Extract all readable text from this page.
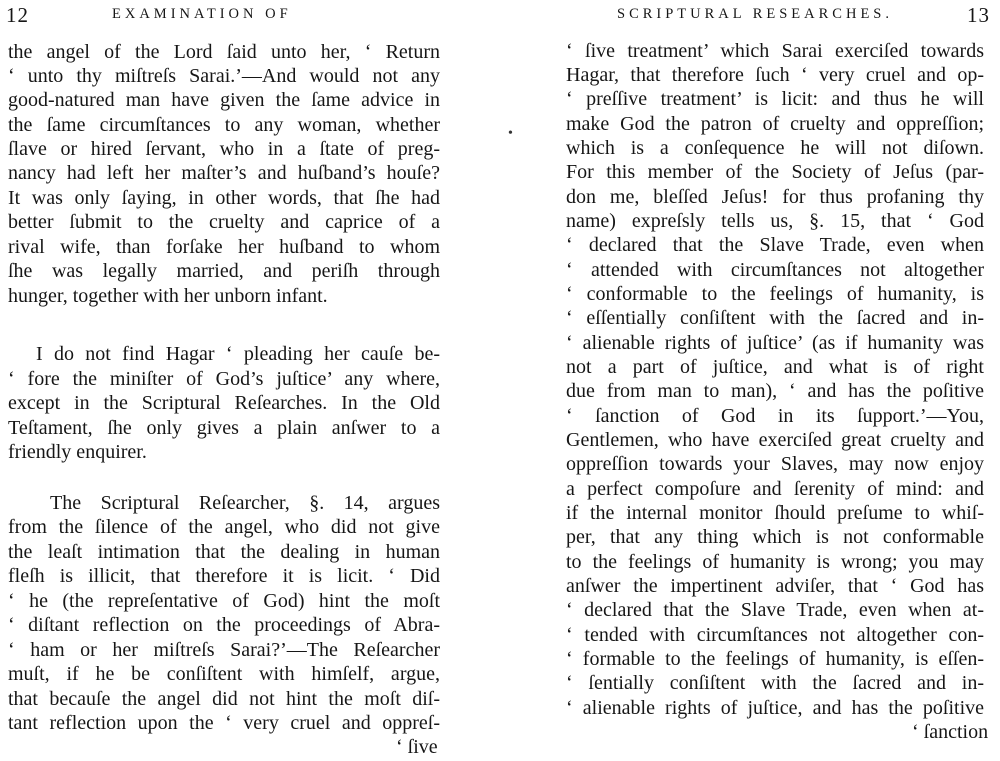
12	EXAMINATION OF
the angel of the Lord ſaid unto her, ‘ Return
‘ unto thy miſtreſs Sarai.’—And would not any
good-natured man have given the ſame advice in
the ſame circumſtances to any woman, whether
ſlave or hired ſervant, who in a ſtate of preg-
nancy had left her maſter’s and huſband’s houſe?
It was only ſaying, in other words, that ſhe had
better ſubmit to the cruelty and caprice of a
rival wife, than forſake her huſband to whom
ſhe was legally married, and periſh through
hunger, together with her unborn infant.
I do not find Hagar ‘ pleading her cauſe be-
‘ fore the miniſter of God’s juſtice’ any where,
except in the Scriptural Reſearches. In the Old
Teſtament, ſhe only gives a plain anſwer to a
friendly enquirer.
The Scriptural Reſearcher, §. 14, argues
from the ſilence of the angel, who did not give
the leaſt intimation that the dealing in human
fleſh is illicit, that therefore it is licit. ‘ Did
‘ he (the repreſentative of God) hint the moſt
‘ diſtant reflection on the proceedings of Abra-
‘ ham or her miſtreſs Sarai?’—The Reſearcher
muſt, if he be conſiſtent with himſelf, argue,
that becauſe the angel did not hint the moſt diſ-
tant reflection upon the ‘ very cruel and oppreſ-
‘ ſive
•
SCRIPTURAL RESEARCHES.	13
‘ ſive treatment’ which Sarai exerciſed towards
Hagar, that therefore ſuch ‘ very cruel and op-
‘ preſſive treatment’ is licit: and thus he will
make God the patron of cruelty and oppreſſion;
which is a conſequence he will not diſown.
For this member of the Society of Jeſus (par-
don me, bleſſed Jeſus! for thus profaning thy
name) expreſsly tells us, §. 15, that ‘ God
‘ declared that the Slave Trade, even when
‘ attended with circumſtances not altogether
‘ conformable to the feelings of humanity, is
‘ eſſentially conſiſtent with the ſacred and in-
‘ alienable rights of juſtice’ (as if humanity was
not a part of juſtice, and what is of right
due from man to man), ‘ and has the poſitive
‘ ſanction of God in its ſupport.’—You,
Gentlemen, who have exerciſed great cruelty and
oppreſſion towards your Slaves, may now enjoy
a perfect compoſure and ſerenity of mind: and
if the internal monitor ſhould preſume to whiſ-
per, that any thing which is not conformable
to the feelings of humanity is wrong; you may
anſwer the impertinent adviſer, that ‘ God has
‘ declared that the Slave Trade, even when at-
‘ tended with circumſtances not altogether con-
‘ formable to the feelings of humanity, is eſſen-
‘ ſentially conſiſtent with the ſacred and in-
‘ alienable rights of juſtice, and has the poſitive
‘ ſanction
